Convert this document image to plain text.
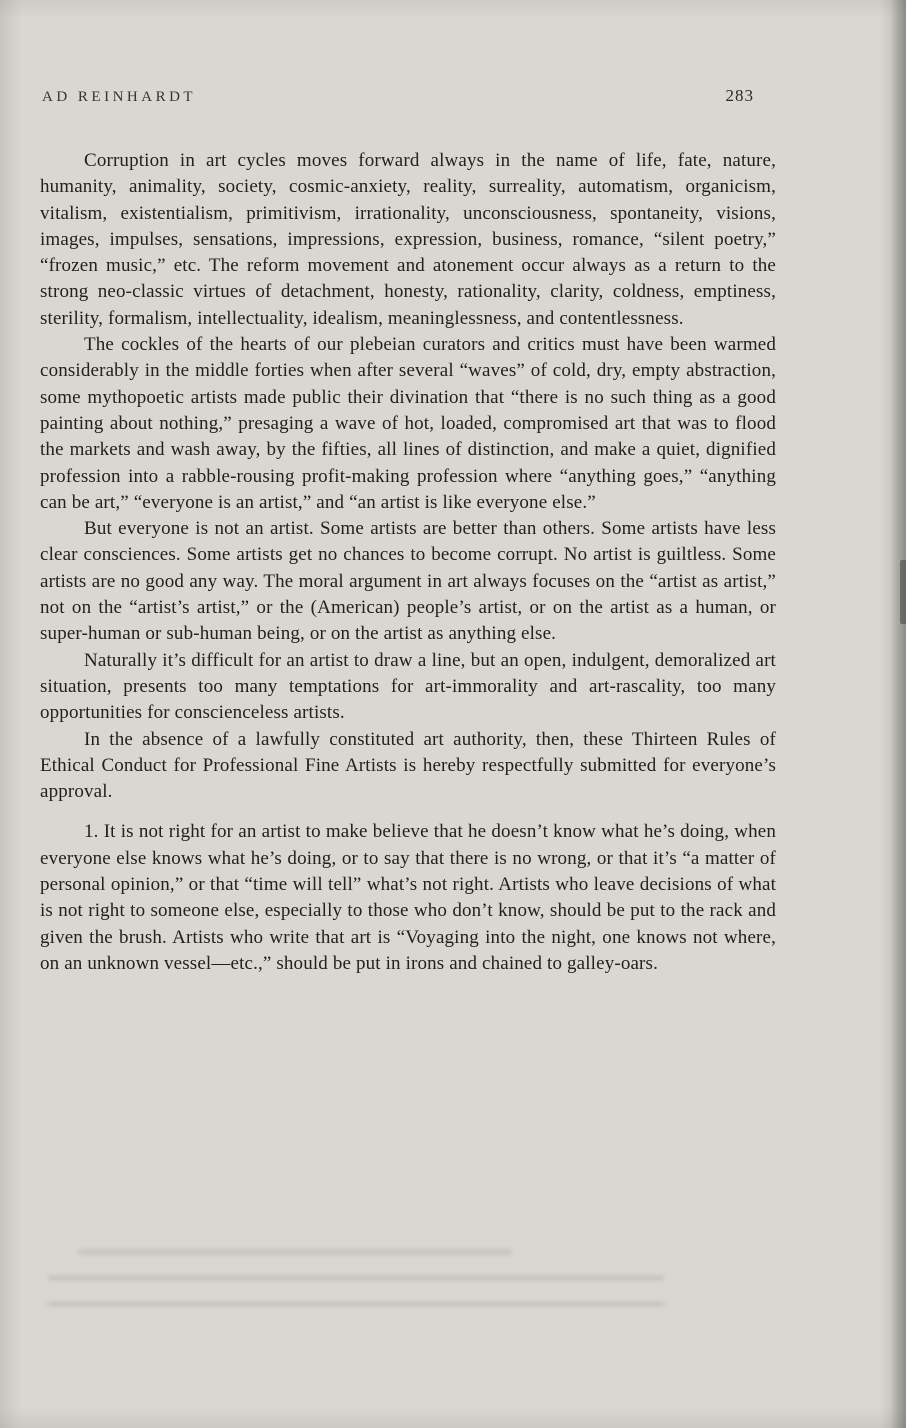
AD REINHARDT	283

Corruption in art cycles moves forward always in the name of life, fate, nature, humanity, animality, society, cosmic-anxiety, reality, surreality, automatism, organicism, vitalism, existentialism, primitivism, irrationality, unconsciousness, spontaneity, visions, images, impulses, sensations, impressions, expression, business, romance, “silent poetry,” “frozen music,” etc. The reform movement and atonement occur always as a return to the strong neo-classic virtues of detachment, honesty, rationality, clarity, coldness, emptiness, sterility, formalism, intellectuality, idealism, meaninglessness, and contentlessness.

The cockles of the hearts of our plebeian curators and critics must have been warmed considerably in the middle forties when after several “waves” of cold, dry, empty abstraction, some mythopoetic artists made public their divination that “there is no such thing as a good painting about nothing,” presaging a wave of hot, loaded, compromised art that was to flood the markets and wash away, by the fifties, all lines of distinction, and make a quiet, dignified profession into a rabble-rousing profit-making profession where “anything goes,” “anything can be art,” “everyone is an artist,” and “an artist is like everyone else.”

But everyone is not an artist. Some artists are better than others. Some artists have less clear consciences. Some artists get no chances to become corrupt. No artist is guiltless. Some artists are no good any way. The moral argument in art always focuses on the “artist as artist,” not on the “artist’s artist,” or the (American) people’s artist, or on the artist as a human, or super-human or sub-human being, or on the artist as anything else.

Naturally it’s difficult for an artist to draw a line, but an open, indulgent, demoralized art situation, presents too many temptations for art-immorality and art-rascality, too many opportunities for conscienceless artists.

In the absence of a lawfully constituted art authority, then, these Thirteen Rules of Ethical Conduct for Professional Fine Artists is hereby respectfully submitted for everyone’s approval.

1. It is not right for an artist to make believe that he doesn’t know what he’s doing, when everyone else knows what he’s doing, or to say that there is no wrong, or that it’s “a matter of personal opinion,” or that “time will tell” what’s not right. Artists who leave decisions of what is not right to someone else, especially to those who don’t know, should be put to the rack and given the brush. Artists who write that art is “Voyaging into the night, one knows not where, on an unknown vessel—etc.,” should be put in irons and chained to galley-oars.
